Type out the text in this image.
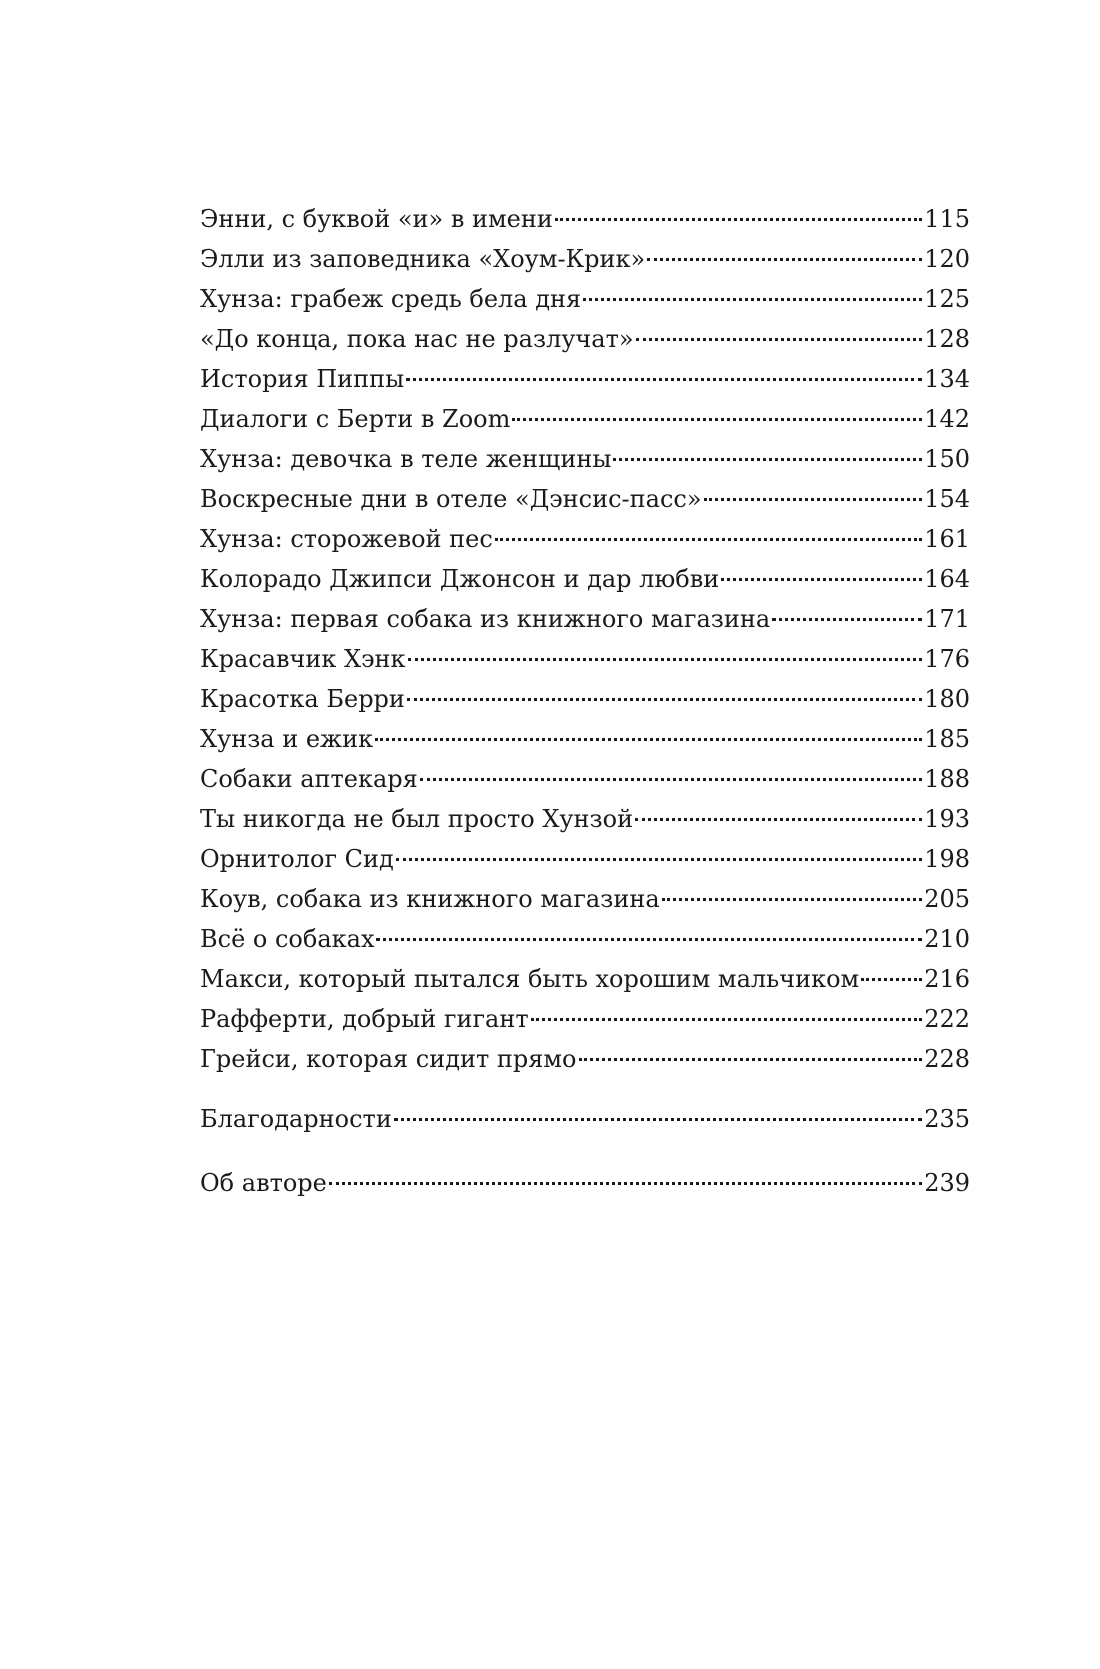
Энни, с буквой «и» в имени	115
Элли из заповедника «Хоум-Крик»	120
Хунза: грабеж средь бела дня	125
«До конца, пока нас не разлучат»	128
История Пиппы	134
Диалоги с Берти в Zoom	142
Хунза: девочка в теле женщины	150
Воскресные дни в отеле «Дэнсис-пасс»	154
Хунза: сторожевой пес	161
Колорадо Джипси Джонсон и дар любви	164
Хунза: первая собака из книжного магазина	171
Красавчик Хэнк	176
Красотка Берри	180
Хунза и ежик	185
Собаки аптекаря	188
Ты никогда не был просто Хунзой	193
Орнитолог Сид	198
Коув, собака из книжного магазина	205
Всё о собаках	210
Макси, который пытался быть хорошим мальчиком	216
Рафферти, добрый гигант	222
Грейси, которая сидит прямо	228
Благодарности	235
Об авторе	239
